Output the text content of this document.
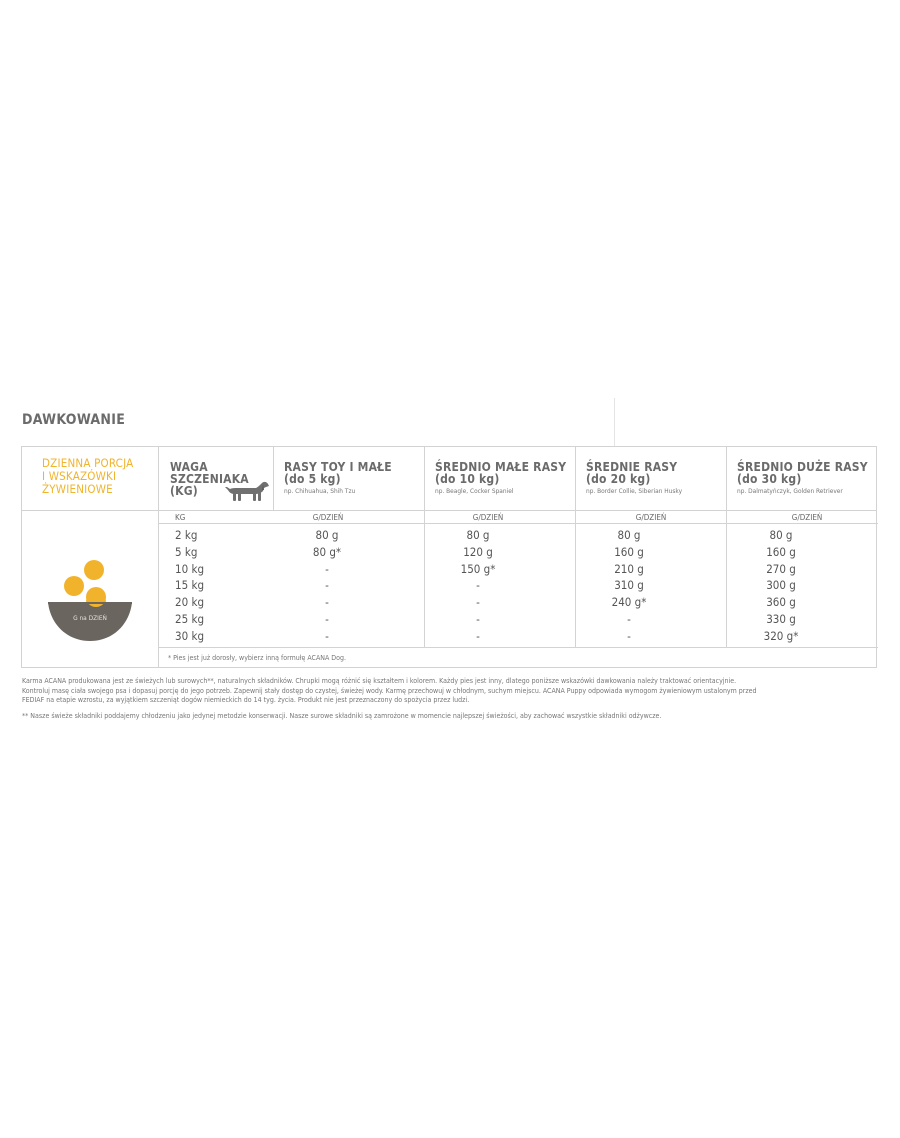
DAWKOWANIE
DZIENNA PORCJA
I WSKAZÓWKI
ŻYWIENIOWE
WAGA
SZCZENIAKA
(KG)
RASY TOY I MAŁE
(do 5 kg)
np. Chihuahua, Shih Tzu
ŚREDNIO MAŁE RASY
(do 10 kg)
np. Beagle, Cocker Spaniel
ŚREDNIE RASY
(do 20 kg)
np. Border Collie, Siberian Husky
ŚREDNIO DUŻE RASY
(do 30 kg)
np. Dalmatyńczyk, Golden Retriever
KG	G/DZIEŃ	G/DZIEŃ	G/DZIEŃ	G/DZIEŃ
2 kg	80 g	80 g	80 g	80 g
5 kg	80 g*	120 g	160 g	160 g
10 kg	-	150 g*	210 g	270 g
15 kg	-	-	310 g	300 g
20 kg	-	-	240 g*	360 g
25 kg	-	-	-	330 g
30 kg	-	-	-	320 g*
G na DZIEŃ
* Pies jest już dorosły, wybierz inną formułę ACANA Dog.
Karma ACANA produkowana jest ze świeżych lub surowych**, naturalnych składników. Chrupki mogą różnić się kształtem i kolorem. Każdy pies jest inny, dlatego poniższe wskazówki dawkowania należy traktować orientacyjnie.
Kontroluj masę ciała swojego psa i dopasuj porcję do jego potrzeb. Zapewnij stały dostęp do czystej, świeżej wody. Karmę przechowuj w chłodnym, suchym miejscu. ACANA Puppy odpowiada wymogom żywieniowym ustalonym przed
FEDIAF na etapie wzrostu, za wyjątkiem szczeniąt dogów niemieckich do 14 tyg. życia. Produkt nie jest przeznaczony do spożycia przez ludzi.
** Nasze świeże składniki poddajemy chłodzeniu jako jedynej metodzie konserwacji. Nasze surowe składniki są zamrożone w momencie najlepszej świeżości, aby zachować wszystkie składniki odżywcze.
